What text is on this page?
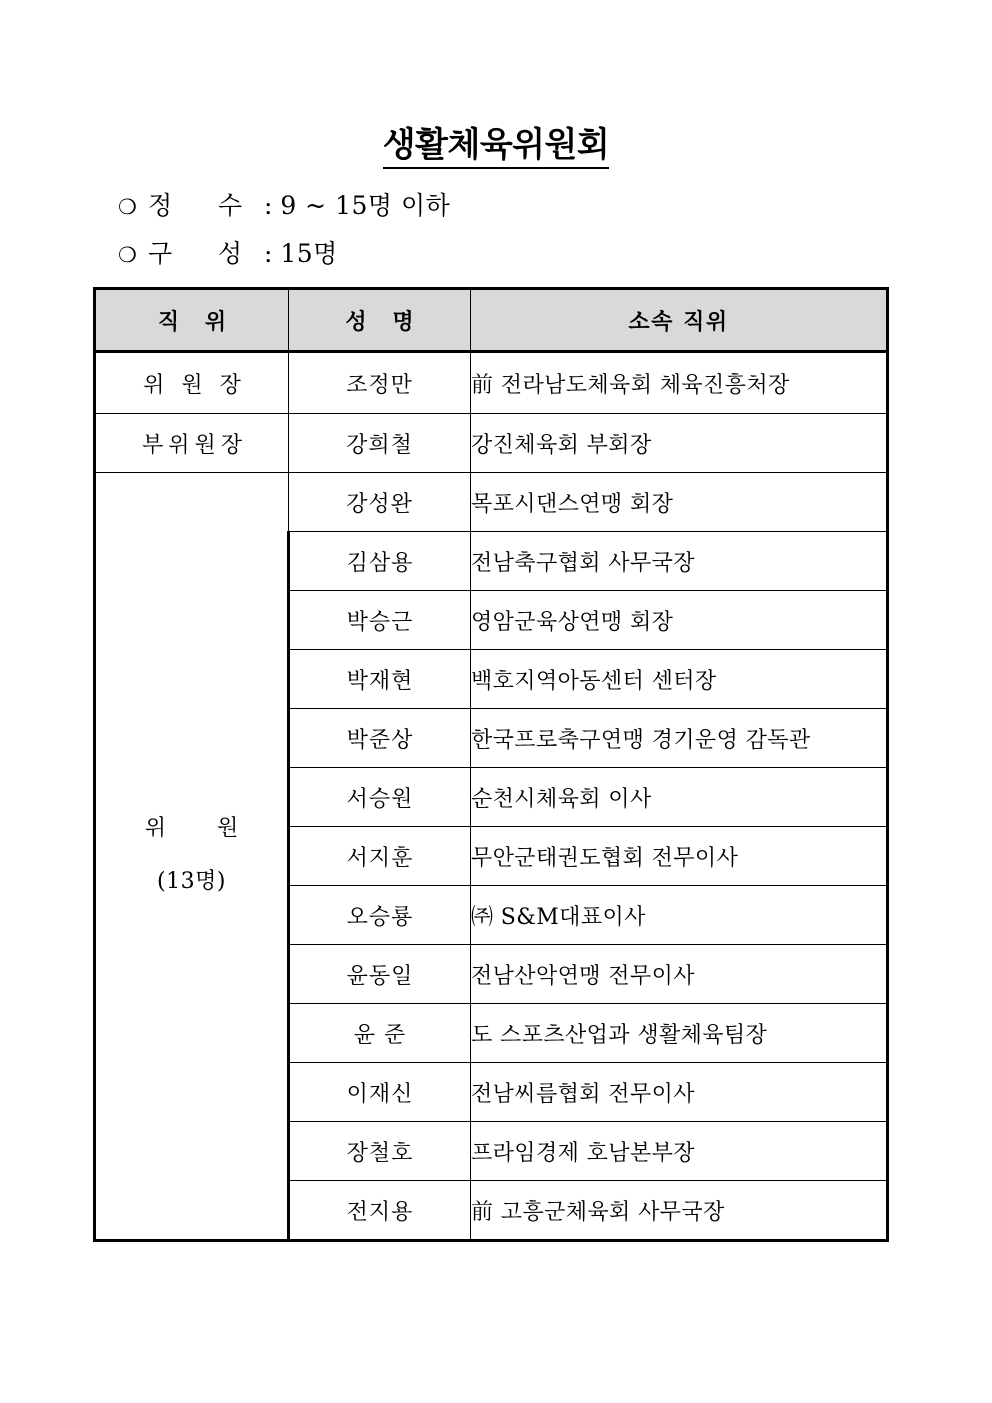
생활체육위원회
❍ 정     수 : 9 ~ 15명 이하
❍ 구     성 : 15명
직 위	성 명	소속 직위
위 원 장	조정만	前 전라남도체육회 체육진흥처장
부위원장	강희철	강진체육회 부회장

위 원
(13명)	강성완	목포시댄스연맹 회장
	김삼용	전남축구협회 사무국장
	박승근	영암군육상연맹 회장
	박재현	백호지역아동센터 센터장
	박준상	한국프로축구연맹 경기운영 감독관
	서승원	순천시체육회 이사
	서지훈	무안군태권도협회 전무이사
	오승룡	㈜ S&M대표이사
	윤동일	전남산악연맹 전무이사
	윤 준	도 스포츠산업과 생활체육팀장
	이재신	전남씨름협회 전무이사
	장철호	프라임경제 호남본부장
	전지용	前 고흥군체육회 사무국장
